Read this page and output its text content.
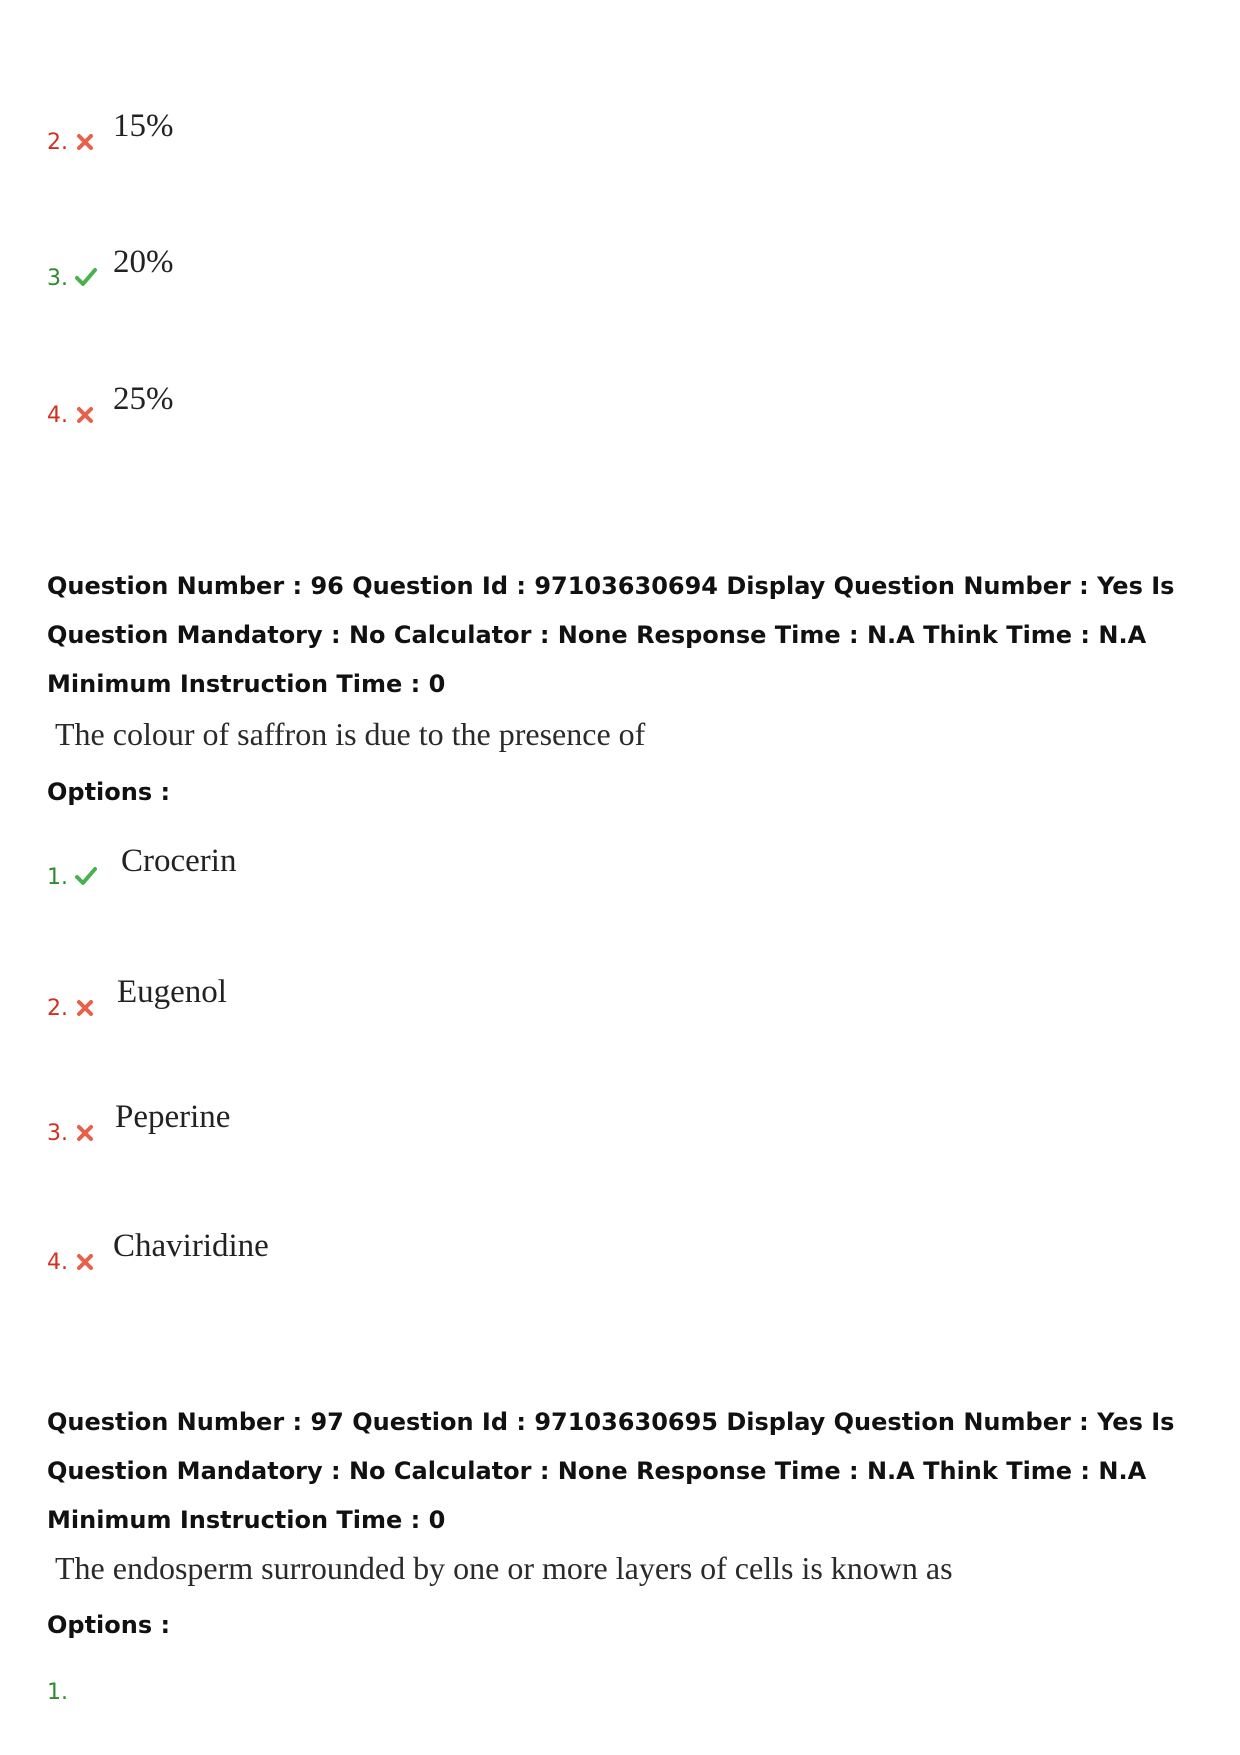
2. 15%
3. 20%
4. 25%
Question Number : 96 Question Id : 97103630694 Display Question Number : Yes Is Question Mandatory : No Calculator : None Response Time : N.A Think Time : N.A Minimum Instruction Time : 0
The colour of saffron is due to the presence of
Options :
1. Crocerin
2. Eugenol
3. Peperine
4. Chaviridine
Question Number : 97 Question Id : 97103630695 Display Question Number : Yes Is Question Mandatory : No Calculator : None Response Time : N.A Think Time : N.A Minimum Instruction Time : 0
The endosperm surrounded by one or more layers of cells is known as
Options :
1.
